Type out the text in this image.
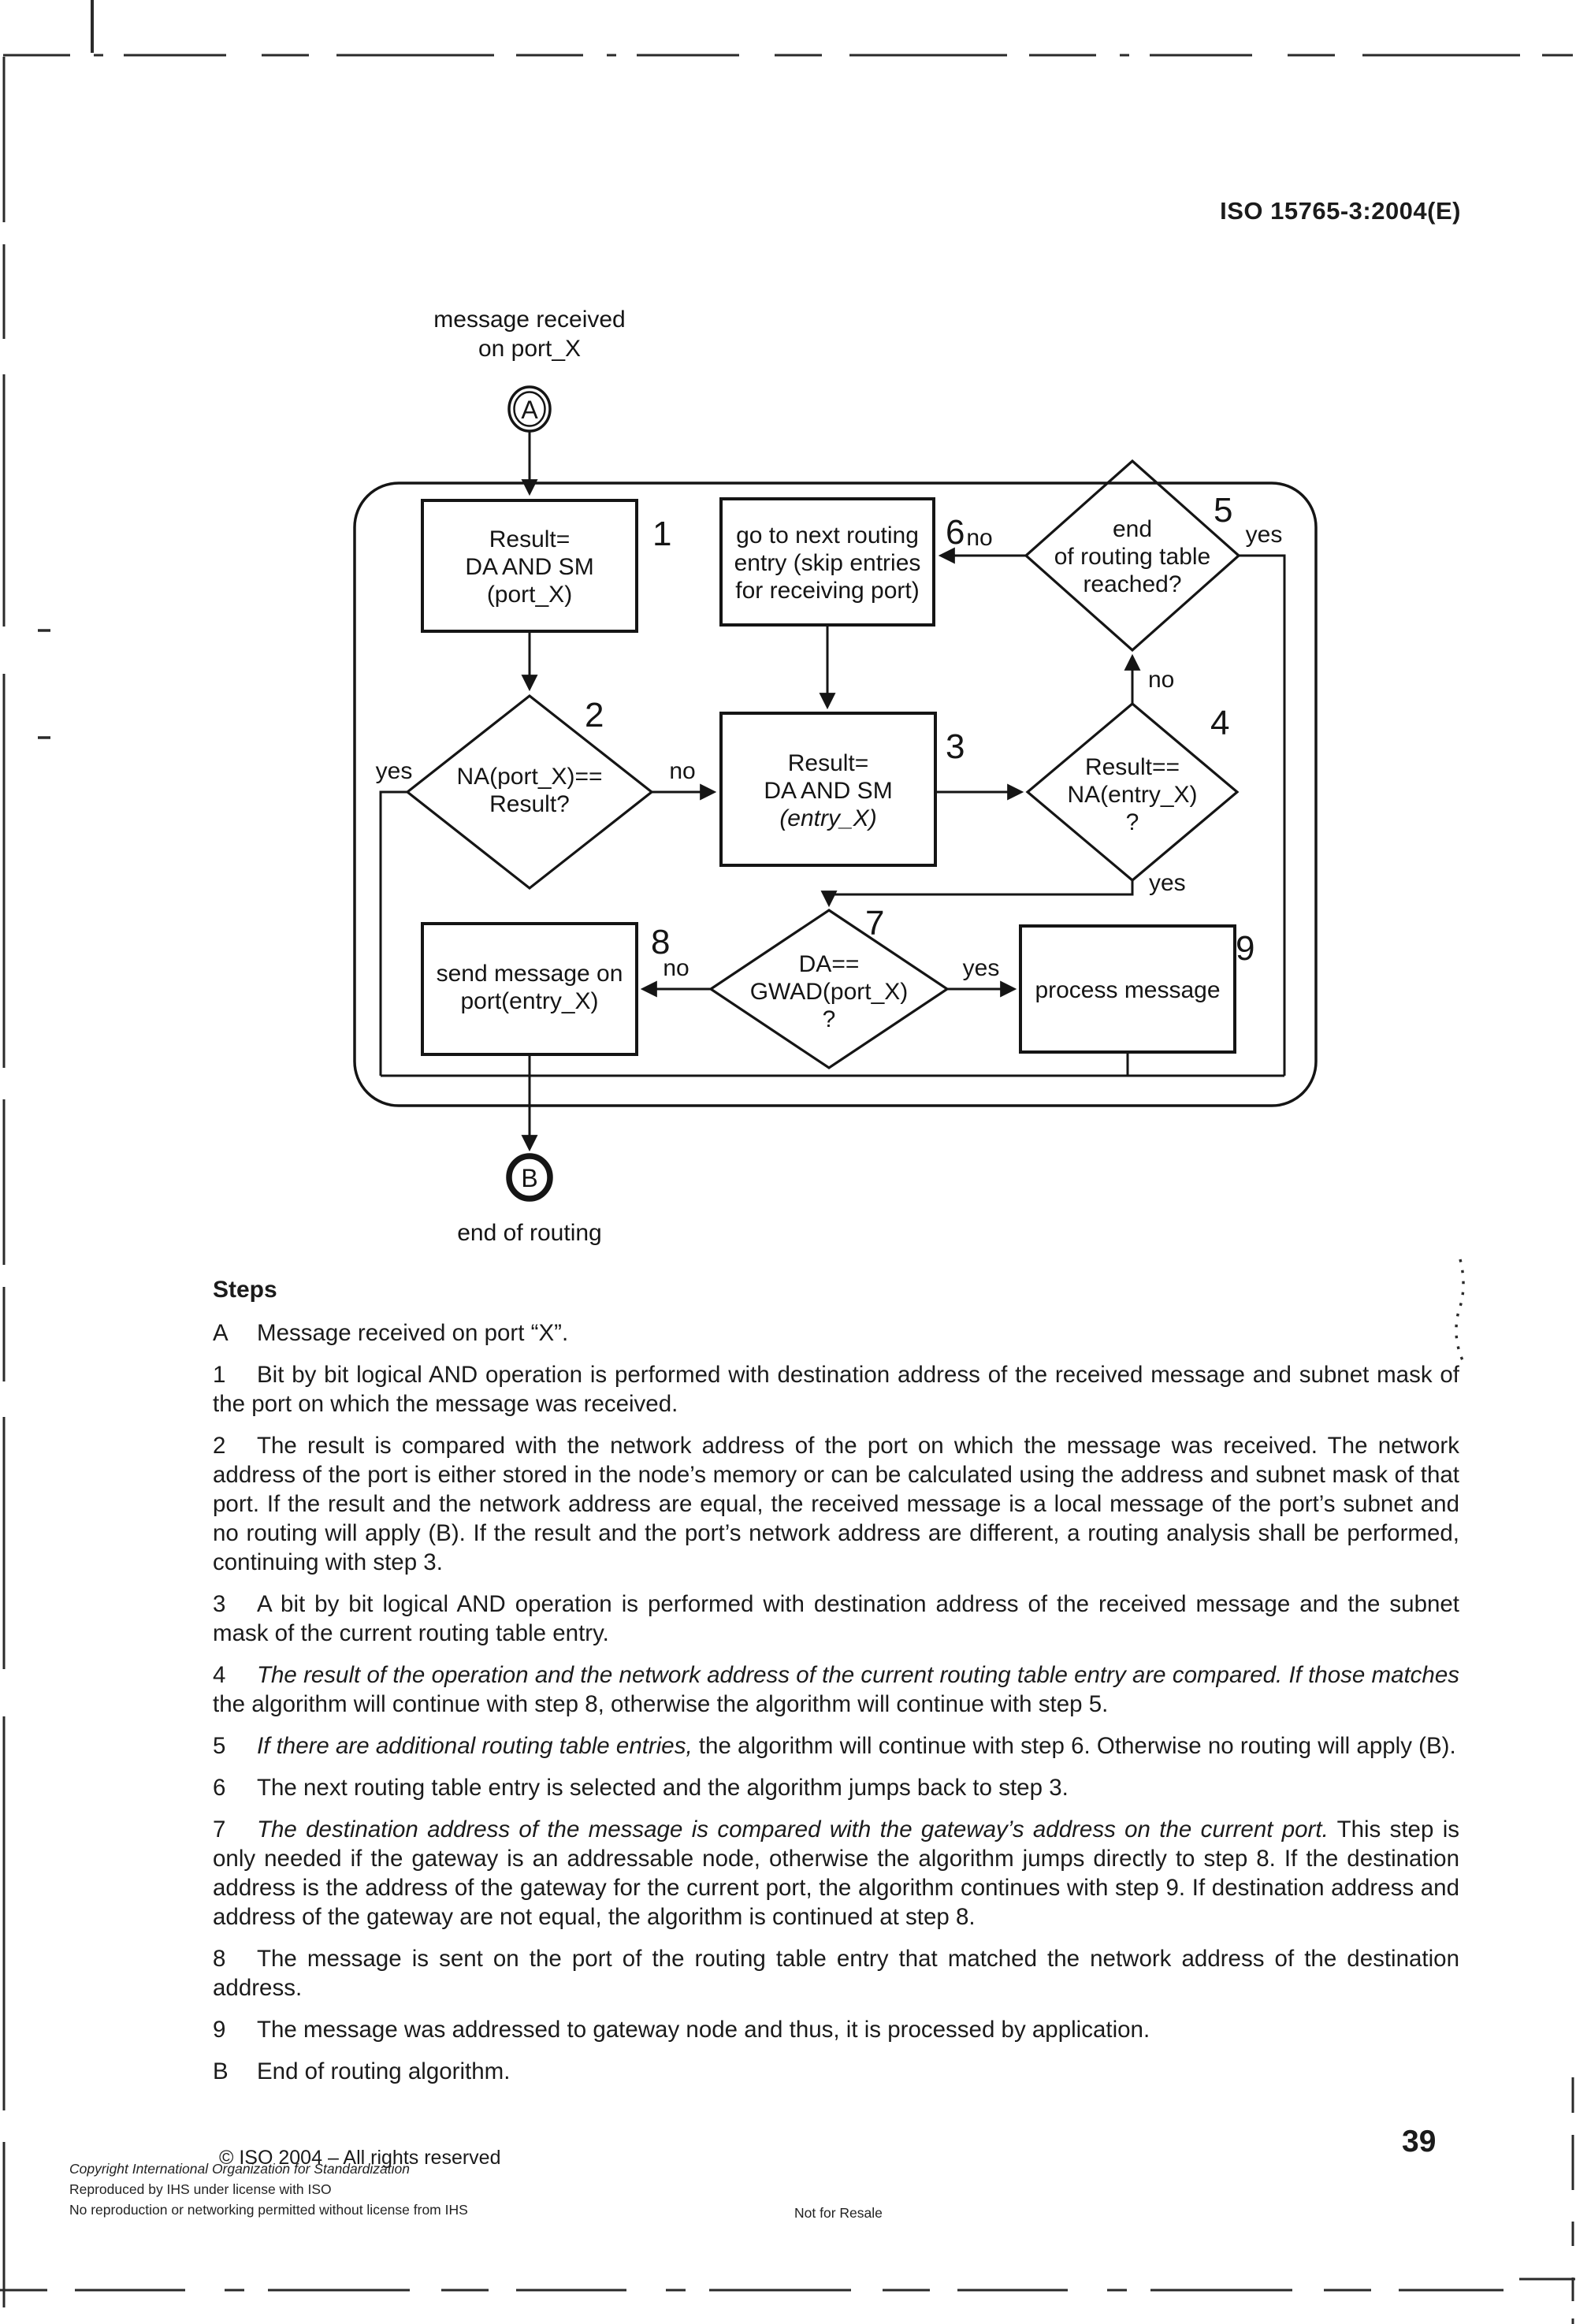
message received
on port_X
A
no	yes
no
yes
yes	no
no	yes
Result=
DA AND SM
(port_X)
1	go to next routing
entry (skip entries
for receiving port)
6
Result=
DA AND SM
(entry_X)
3
send message on
port(entry_X)
8
process message
9
end
of routing table
reached?
5
NA(port_X)==
Result?
2
Result==
NA(entry_X)
?
4
DA==
GWAD(port_X)
?
7
B
end of routing
ISO 15765-3:2004(E)

Steps

A Message received on port “X”.

1 Bit by bit logical AND operation is performed with destination address of the received message and subnet mask of the port on which the message was received.

2 The result is compared with the network address of the port on which the message was received. The network address of the port is either stored in the node’s memory or can be calculated using the address and subnet mask of that port. If the result and the network address are equal, the received message is a local message of the port’s subnet and no routing will apply (B). If the result and the port’s network address are different, a routing analysis shall be performed, continuing with step 3.

3 A bit by bit logical AND operation is performed with destination address of the received message and the subnet mask of the current routing table entry.

4 The result of the operation and the network address of the current routing table entry are compared. If those matches the algorithm will continue with step 8, otherwise the algorithm will continue with step 5.

5 If there are additional routing table entries, the algorithm will continue with step 6. Otherwise no routing will apply (B).

6 The next routing table entry is selected and the algorithm jumps back to step 3.

7 The destination address of the message is compared with the gateway’s address on the current port. This step is only needed if the gateway is an addressable node, otherwise the algorithm jumps directly to step 8. If the destination address is the address of the gateway for the current port, the algorithm continues with step 9. If destination address and address of the gateway are not equal, the algorithm is continued at step 8.

8 The message is sent on the port of the routing table entry that matched the network address of the destination address.

9 The message was addressed to gateway node and thus, it is processed by application.

B End of routing algorithm.

© ISO 2004 – All rights reserved
Copyright International Organization for Standardization
Reproduced by IHS under license with ISO
No reproduction or networking permitted without license from IHS	Not for Resale
39
